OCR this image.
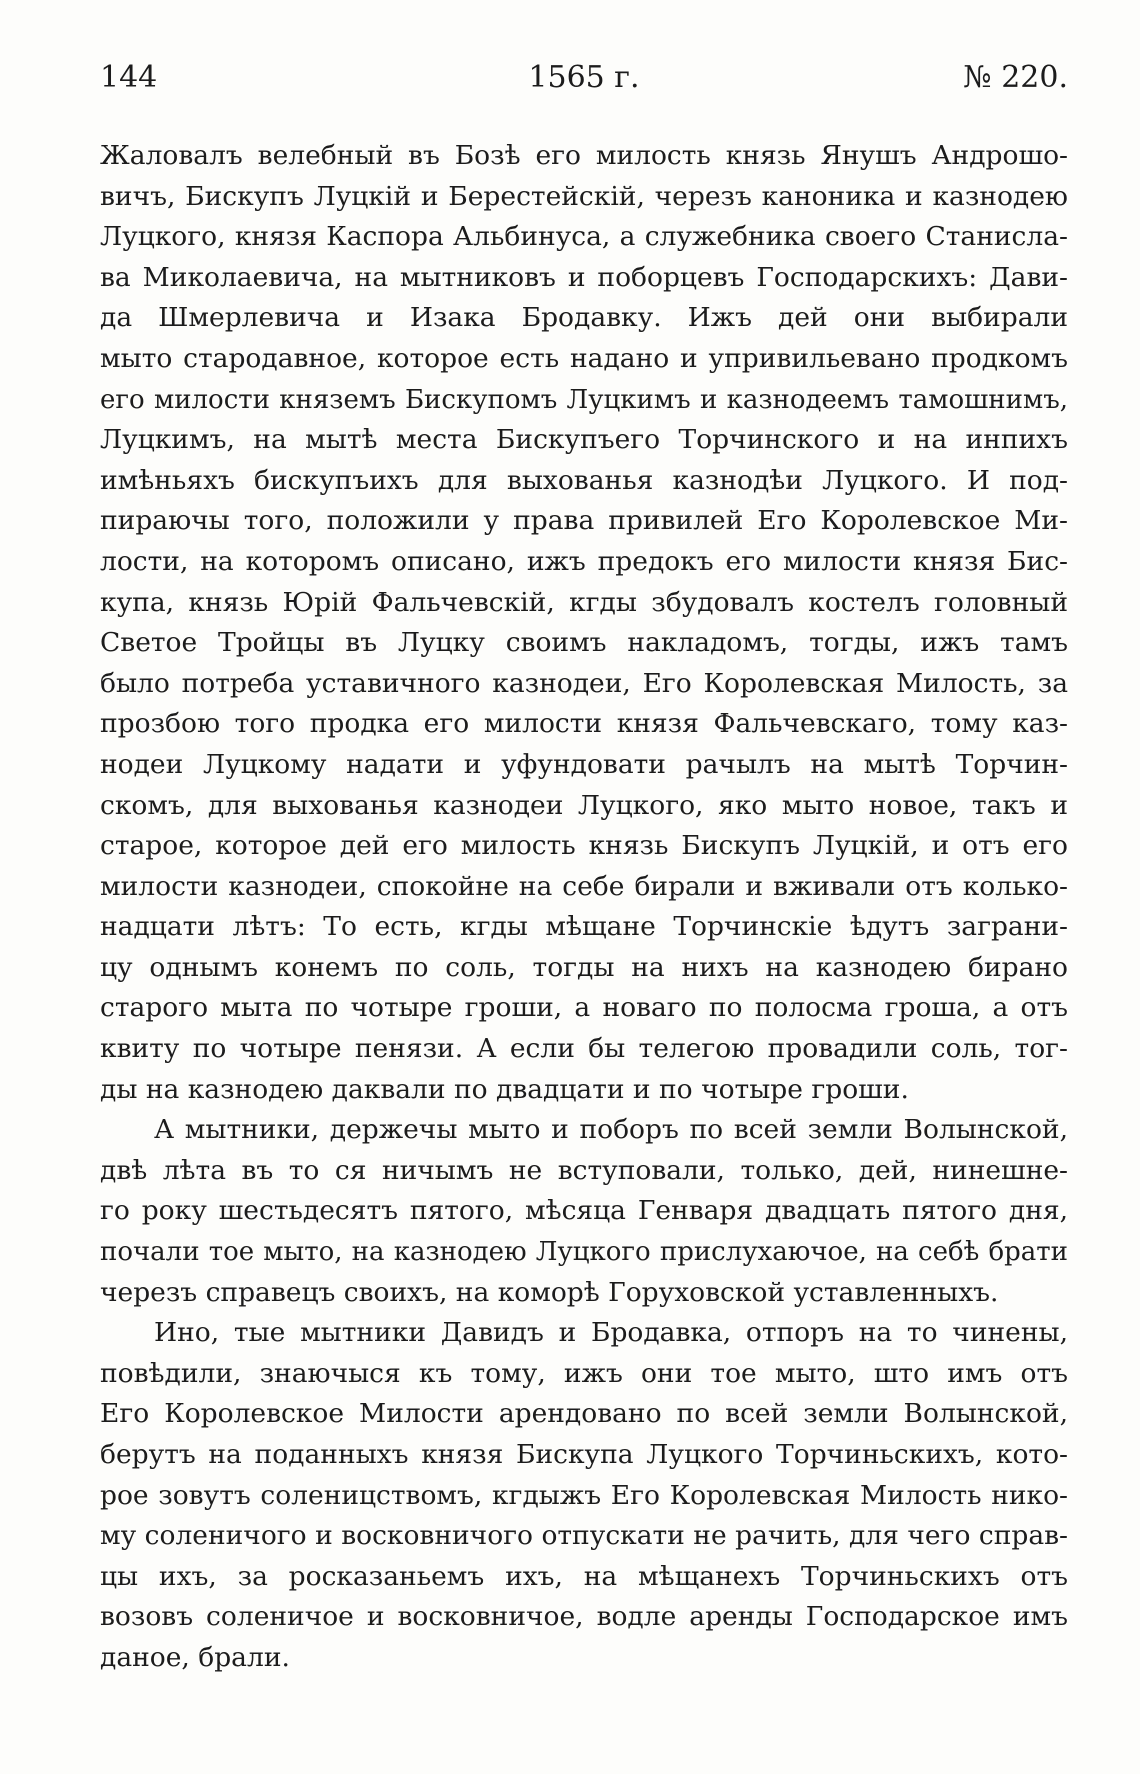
144	1565 г.	№ 220.
Жаловалъ велебный въ Бозѣ его милость князь Янушъ Андрошо-
вичъ, Бискупъ Луцкій и Берестейскій, черезъ каноника и казнодею
Луцкого, князя Каспора Альбинуса, а служебника своего Станисла-
ва Миколаевича, на мытниковъ и поборцевъ Господарскихъ: Дави-
да Шмерлевича и Изака Бродавку. Ижъ дей они выбирали
мыто стародавное, которое есть надано и упривильевано продкомъ
его милости княземъ Бискупомъ Луцкимъ и казнодеемъ тамошнимъ,
Луцкимъ, на мытѣ места Бискупъего Торчинского и на инпихъ
имѣньяхъ бискупъихъ для выхованья казнодѣи Луцкого. И под-
пираючы того, положили у права привилей Его Королевское Ми-
лости, на которомъ описано, ижъ предокъ его милости князя Бис-
купа, князь Юрій Фальчевскій, кгды збудовалъ костелъ головный
Светое Тройцы въ Луцку своимъ накладомъ, тогды, ижъ тамъ
было потреба уставичного казнодеи, Его Королевская Милость, за
прозбою того продка его милости князя Фальчевскаго, тому каз-
нодеи Луцкому надати и уфундовати рачылъ на мытѣ Торчин-
скомъ, для выхованья казнодеи Луцкого, яко мыто новое, такъ и
старое, которое дей его милость князь Бискупъ Луцкій, и отъ его
милости казнодеи, спокойне на себе бирали и вживали отъ колько-
надцати лѣтъ: То есть, кгды мѣщане Торчинскіе ѣдутъ заграни-
цу однымъ конемъ по соль, тогды на нихъ на казнодею бирано
старого мыта по чотыре гроши, а новаго по полосма гроша, а отъ
квиту по чотыре пенязи. А если бы телегою провадили соль, тог-
ды на казнодею даквали по двадцати и по чотыре гроши.
А мытники, держечы мыто и поборъ по всей земли Волынской,
двѣ лѣта въ то ся ничымъ не вступовали, только, дей, нинешне-
го року шестьдесятъ пятого, мѣсяца Генваря двадцать пятого дня,
почали тое мыто, на казнодею Луцкого прислухаючое, на себѣ брати
черезъ справецъ своихъ, на коморѣ Горуховской уставленныхъ.
Ино, тые мытники Давидъ и Бродавка, отпоръ на то чинены,
повѣдили, знаючыся къ тому, ижъ они тое мыто, што имъ отъ
Его Королевское Милости арендовано по всей земли Волынской,
берутъ на поданныхъ князя Бискупа Луцкого Торчиньскихъ, кото-
рое зовутъ соленицствомъ, кгдыжъ Его Королевская Милость нико-
му соленичого и восковничого отпускати не рачить, для чего справ-
цы ихъ, за росказаньемъ ихъ, на мѣщанехъ Торчиньскихъ отъ
возовъ соленичое и восковничое, водле аренды Господарское имъ
даное, брали.
